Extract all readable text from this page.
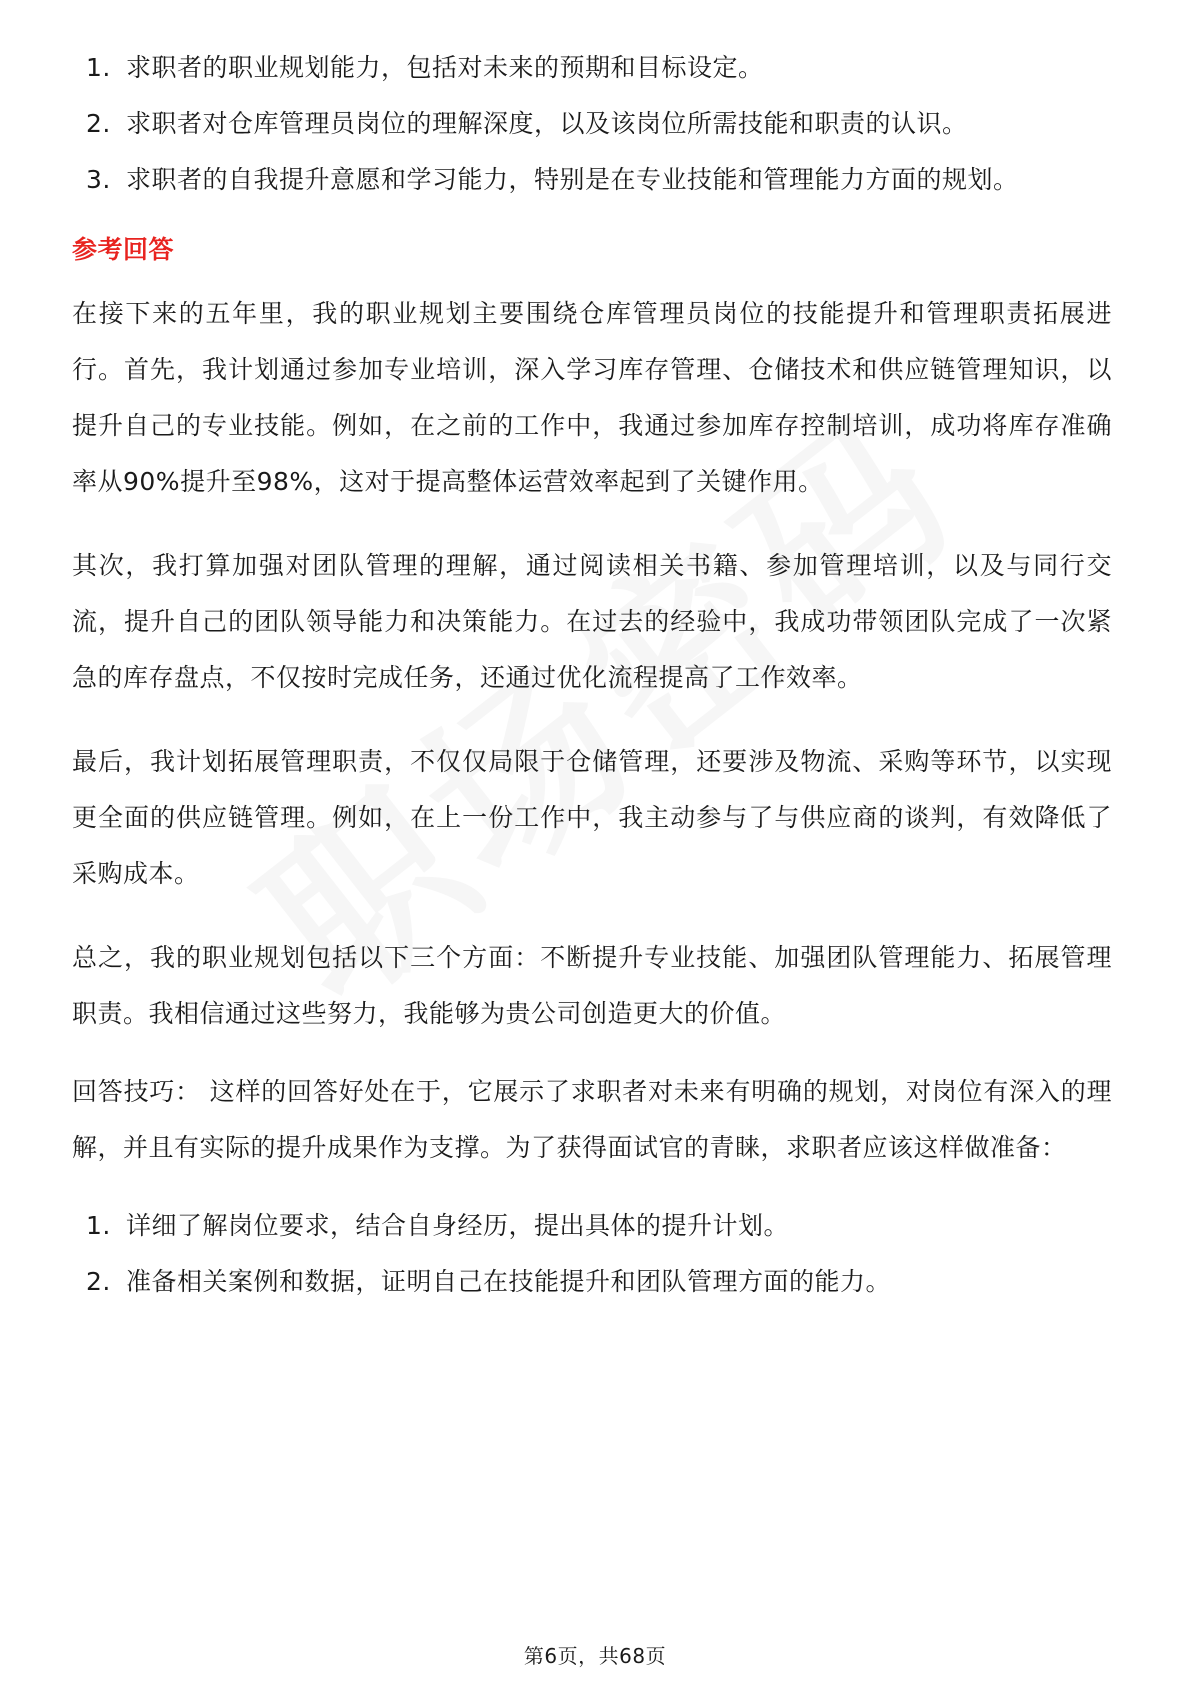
1. 求职者的职业规划能力，包括对未来的预期和目标设定。
2. 求职者对仓库管理员岗位的理解深度，以及该岗位所需技能和职责的认识。
3. 求职者的自我提升意愿和学习能力，特别是在专业技能和管理能力方面的规划。
参考回答

在接下来的五年里，我的职业规划主要围绕仓库管理员岗位的技能提升和管理职责拓展进行。首先，我计划通过参加专业培训，深入学习库存管理、仓储技术和供应链管理知识，以提升自己的专业技能。例如，在之前的工作中，我通过参加库存控制培训，成功将库存准确率从90%提升至98%，这对于提高整体运营效率起到了关键作用。

其次，我打算加强对团队管理的理解，通过阅读相关书籍、参加管理培训，以及与同行交流，提升自己的团队领导能力和决策能力。在过去的经验中，我成功带领团队完成了一次紧急的库存盘点，不仅按时完成任务，还通过优化流程提高了工作效率。

最后，我计划拓展管理职责，不仅仅局限于仓储管理，还要涉及物流、采购等环节，以实现更全面的供应链管理。例如，在上一份工作中，我主动参与了与供应商的谈判，有效降低了采购成本。

总之，我的职业规划包括以下三个方面：不断提升专业技能、加强团队管理能力、拓展管理职责。我相信通过这些努力，我能够为贵公司创造更大的价值。

回答技巧： 这样的回答好处在于，它展示了求职者对未来有明确的规划，对岗位有深入的理解，并且有实际的提升成果作为支撑。为了获得面试官的青睐，求职者应该这样做准备：

1. 详细了解岗位要求，结合自身经历，提出具体的提升计划。
2. 准备相关案例和数据，证明自己在技能提升和团队管理方面的能力。
第6页，共68页
